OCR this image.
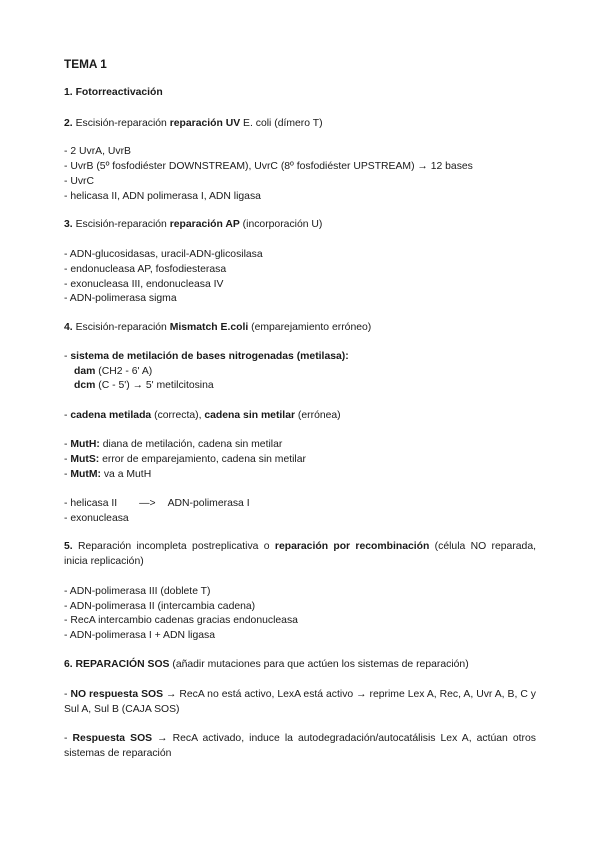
TEMA 1
1. Fotorreactivación
2. Escisión-reparación reparación UV E. coli (dímero T)
- 2 UvrA, UvrB
- UvrB (5º fosfodiéster DOWNSTREAM), UvrC (8º fosfodiéster UPSTREAM) → 12 bases
- UvrC
- helicasa II, ADN polimerasa I, ADN ligasa
3. Escisión-reparación reparación AP (incorporación U)
- ADN-glucosidasas, uracil-ADN-glicosilasa
- endonucleasa AP, fosfodiesterasa
- exonucleasa III, endonucleasa IV
- ADN-polimerasa sigma
4. Escisión-reparación Mismatch E.coli (emparejamiento erróneo)
- sistema de metilación de bases nitrogenadas (metilasa):
dam (CH2 - 6' A)
dcm (C - 5') → 5' metilcitosina
- cadena metilada (correcta), cadena sin metilar (errónea)
- MutH: diana de metilación, cadena sin metilar
- MutS: error de emparejamiento, cadena sin metilar
- MutM: va a MutH
- helicasa II —> ADN-polimerasa I
- exonucleasa
5. Reparación incompleta postreplicativa o reparación por recombinación (célula NO reparada, inicia replicación)
- ADN-polimerasa III (doblete T)
- ADN-polimerasa II (intercambia cadena)
- RecA intercambio cadenas gracias endonucleasa
- ADN-polimerasa I + ADN ligasa
6. REPARACIÓN SOS (añadir mutaciones para que actúen los sistemas de reparación)
- NO respuesta SOS → RecA no está activo, LexA está activo → reprime Lex A, Rec, A, Uvr A, B, C y Sul A, Sul B (CAJA SOS)
- Respuesta SOS → RecA activado, induce la autodegradación/autocatálisis Lex A, actúan otros sistemas de reparación
